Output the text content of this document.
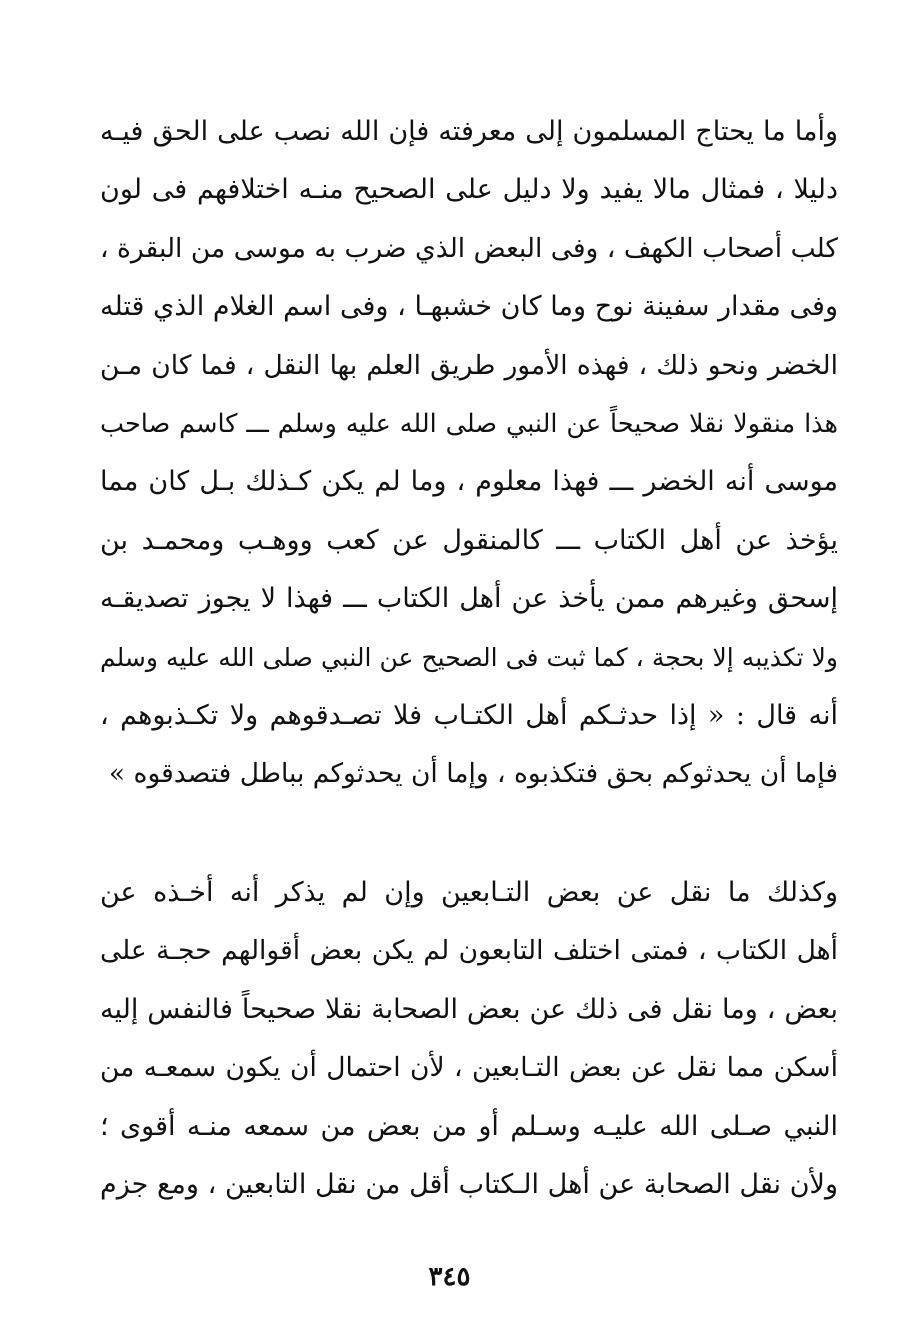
وأما ما يحتاج المسلمون إلى معرفته فإن الله نصب على الحق فيـه
دليلا ، فمثال مالا يفيد ولا دليل على الصحيح منـه اختلافهم فى لون
كلب أصحاب الكهف ، وفى البعض الذي ضرب به موسى من البقرة ،
وفى مقدار سفينة نوح وما كان خشبهـا ، وفى اسم الغلام الذي قتله
الخضر ونحو ذلك ، فهذه الأمور طريق العلم بها النقل ، فما كان مـن
هذا منقولا نقلا صحيحاً عن النبي صلى الله عليه وسلم ـــ كاسم صاحب
موسى أنه الخضر ـــ فهذا معلوم ، وما لم يكن كـذلك بـل كان مما
يؤخذ عن أهل الكتاب ـــ كالمنقول عن كعب ووهـب ومحمـد بن
إسحق وغيرهم ممن يأخذ عن أهل الكتاب ـــ فهذا لا يجوز تصديقـه
ولا تكذيبه إلا بحجة ، كما ثبت فى الصحيح عن النبي صلى الله عليه وسلم
أنه قال : « إذا حدثـكم أهل الكتـاب فلا تصـدقوهم ولا تكـذبوهم ،
فإما أن يحدثوكم بحق فتكذبوه ، وإما أن يحدثوكم بباطل فتصدقوه »
وكذلك ما نقل عن بعض التـابعين وإن لم يذكر أنه أخـذه عن
أهل الكتاب ، فمتى اختلف التابعون لم يكن بعض أقوالهم حجـة على
بعض ، وما نقل فى ذلك عن بعض الصحابة نقلا صحيحاً فالنفس إليه
أسكن مما نقل عن بعض التـابعين ، لأن احتمال أن يكون سمعـه من
النبي صـلى الله عليـه وسـلم أو من بعض من سمعه منـه أقوى ؛
ولأن نقل الصحابة عن أهل الـكتاب أقل من نقل التابعين ، ومع جزم
٣٤٥
